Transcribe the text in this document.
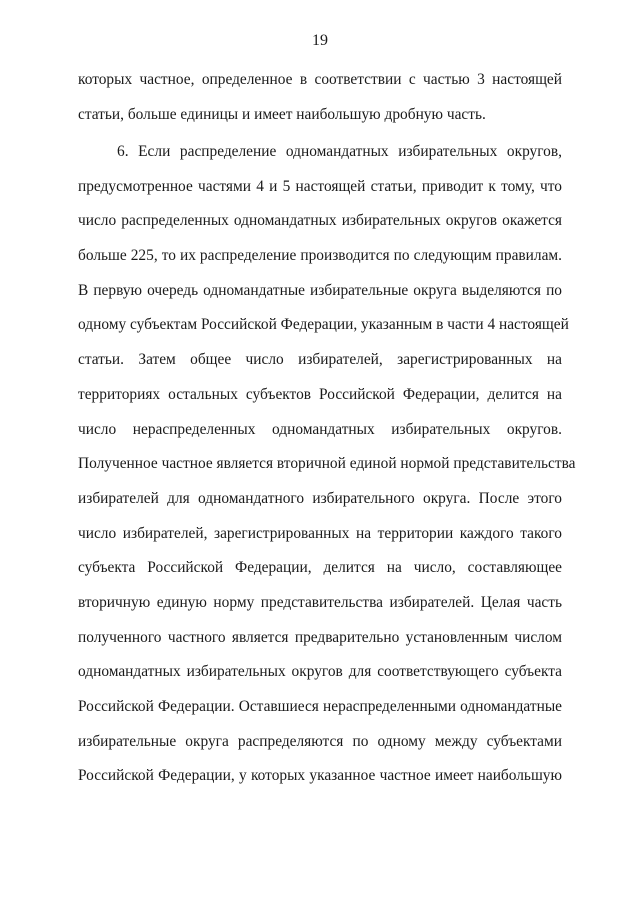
19
которых частное, определенное в соответствии с частью 3 настоящей
статьи, больше единицы и имеет наибольшую дробную часть.
6. Если распределение одномандатных избирательных округов,
предусмотренное частями 4 и 5 настоящей статьи, приводит к тому, что
число распределенных одномандатных избирательных округов окажется
больше 225, то их распределение производится по следующим правилам.
В первую очередь одномандатные избирательные округа выделяются по
одному субъектам Российской Федерации, указанным в части 4 настоящей
статьи. Затем общее число избирателей, зарегистрированных на
территориях остальных субъектов Российской Федерации, делится на
число нераспределенных одномандатных избирательных округов.
Полученное частное является вторичной единой нормой представительства
избирателей для одномандатного избирательного округа. После этого
число избирателей, зарегистрированных на территории каждого такого
субъекта Российской Федерации, делится на число, составляющее
вторичную единую норму представительства избирателей. Целая часть
полученного частного является предварительно установленным числом
одномандатных избирательных округов для соответствующего субъекта
Российской Федерации. Оставшиеся нераспределенными одномандатные
избирательные округа распределяются по одному между субъектами
Российской Федерации, у которых указанное частное имеет наибольшую
